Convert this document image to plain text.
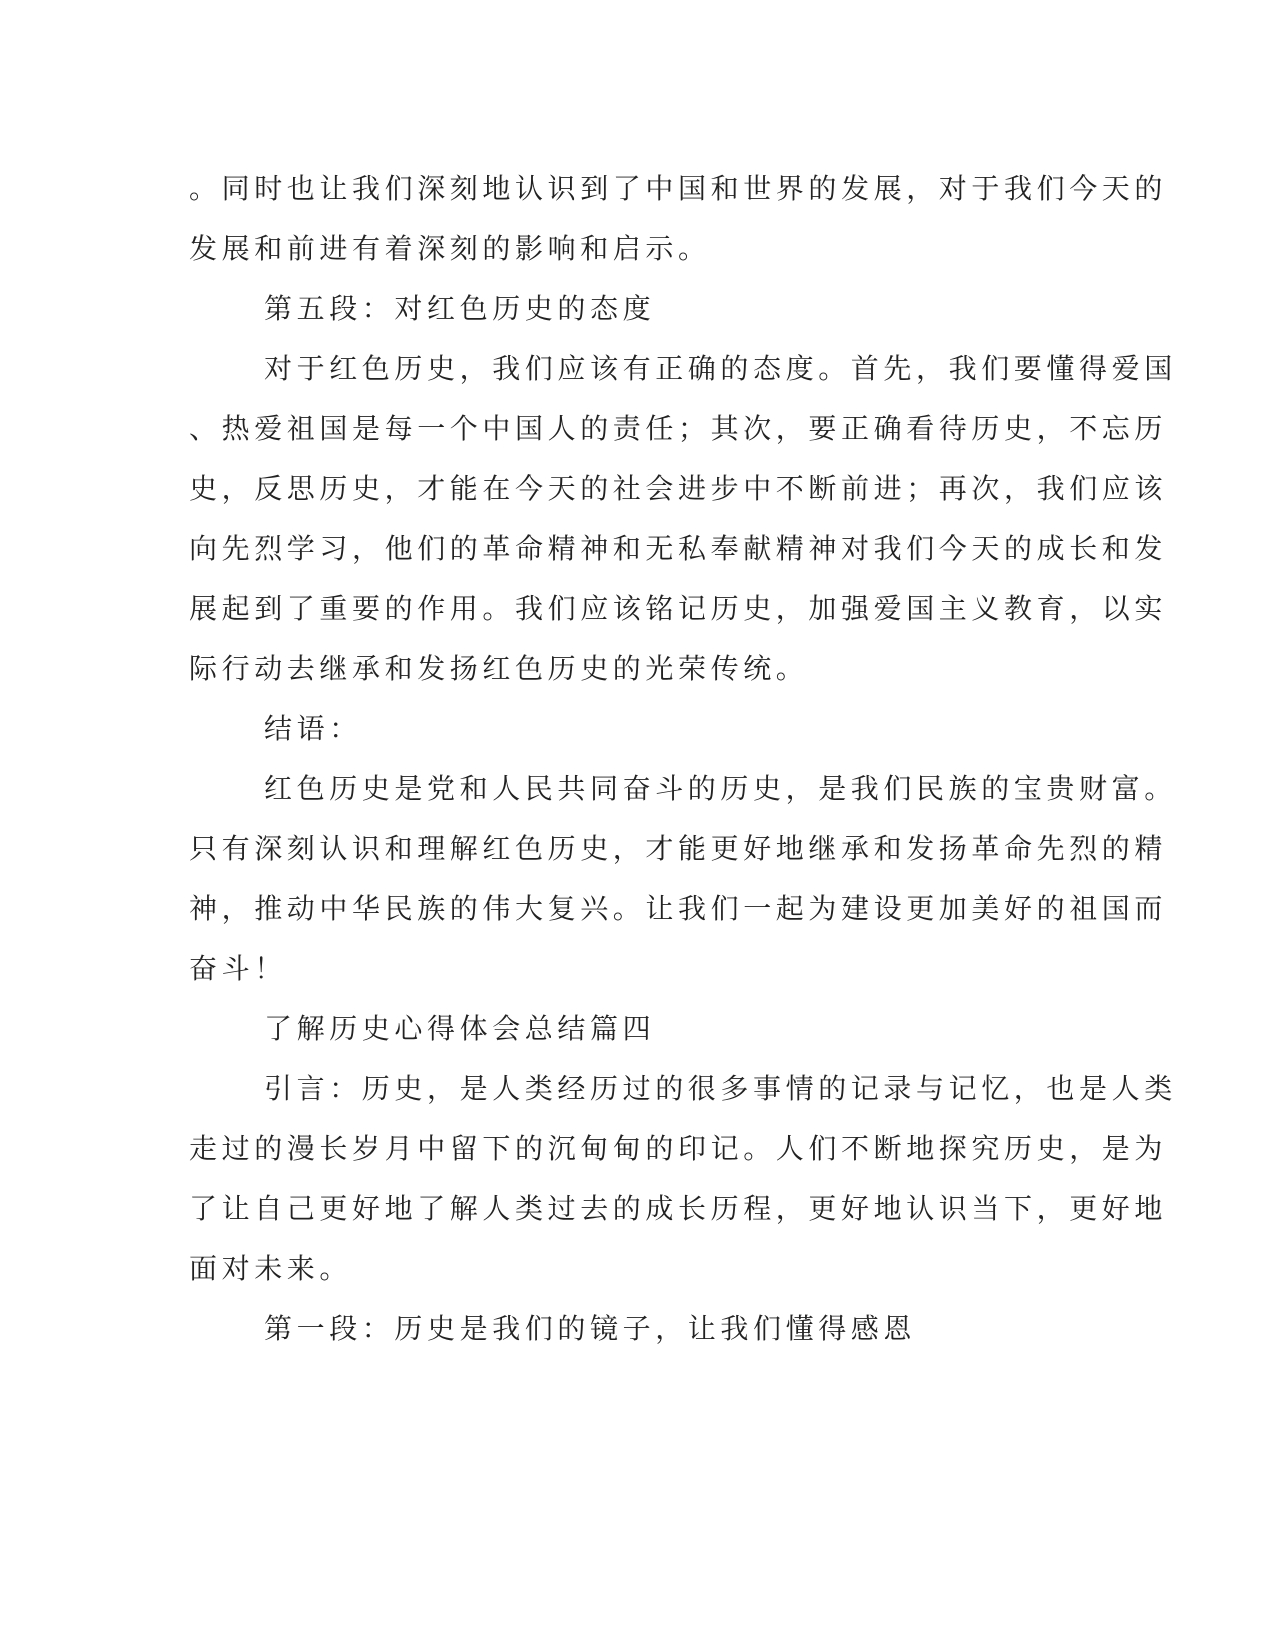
。同时也让我们深刻地认识到了中国和世界的发展，对于我们今天的

发展和前进有着深刻的影响和启示。

第五段：对红色历史的态度

对于红色历史，我们应该有正确的态度。首先，我们要懂得爱国

、热爱祖国是每一个中国人的责任；其次，要正确看待历史，不忘历

史，反思历史，才能在今天的社会进步中不断前进；再次，我们应该

向先烈学习，他们的革命精神和无私奉献精神对我们今天的成长和发

展起到了重要的作用。我们应该铭记历史，加强爱国主义教育，以实

际行动去继承和发扬红色历史的光荣传统。

结语：

红色历史是党和人民共同奋斗的历史，是我们民族的宝贵财富。

只有深刻认识和理解红色历史，才能更好地继承和发扬革命先烈的精

神，推动中华民族的伟大复兴。让我们一起为建设更加美好的祖国而

奋斗！

了解历史心得体会总结篇四

引言：历史，是人类经历过的很多事情的记录与记忆，也是人类

走过的漫长岁月中留下的沉甸甸的印记。人们不断地探究历史，是为

了让自己更好地了解人类过去的成长历程，更好地认识当下，更好地

面对未来。

第一段：历史是我们的镜子，让我们懂得感恩
